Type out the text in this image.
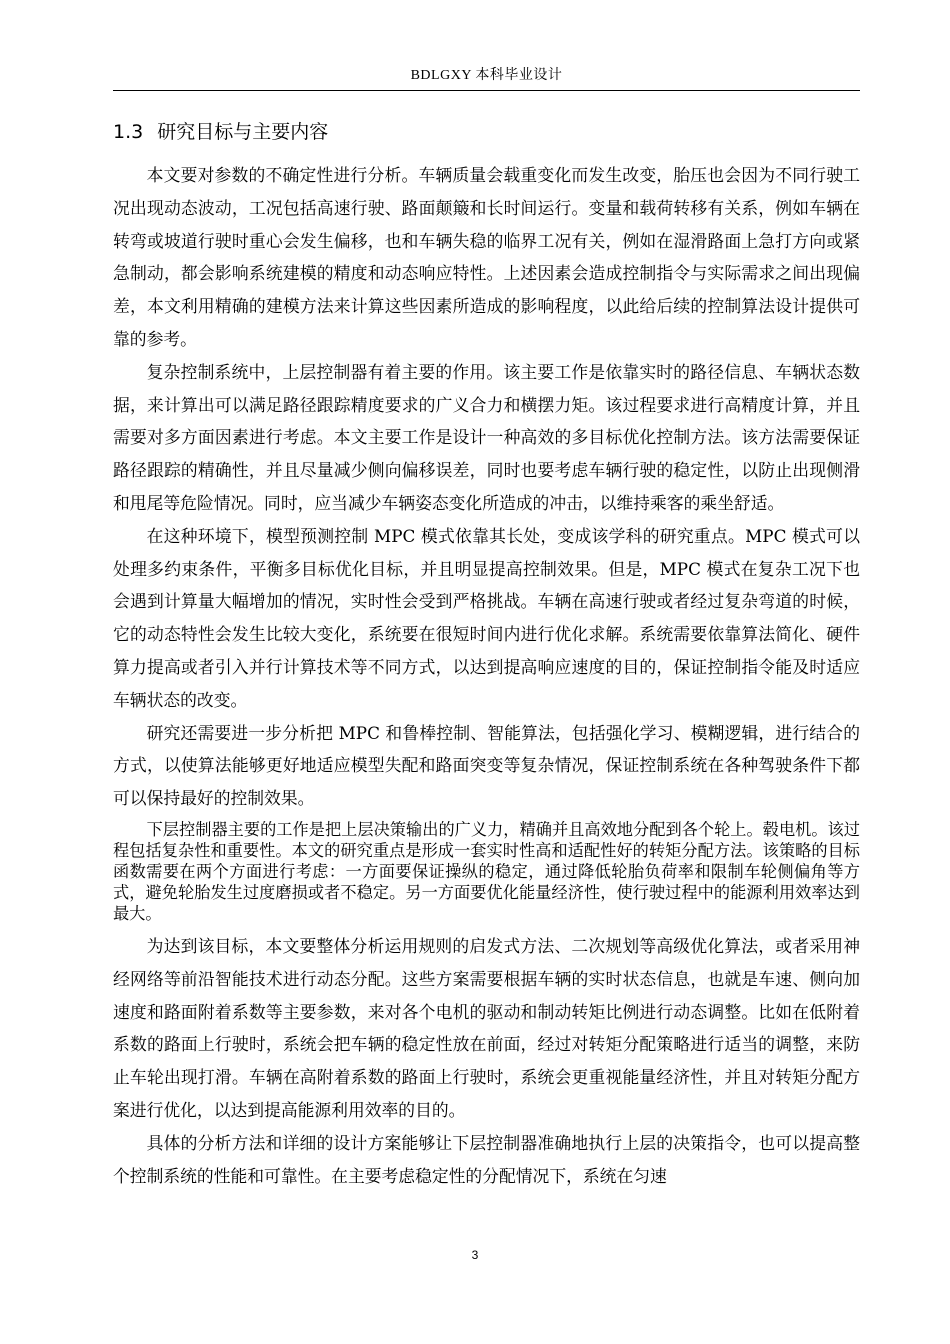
BDLGXY 本科毕业设计
1.3 研究目标与主要内容

本文要对参数的不确定性进行分析。车辆质量会载重变化而发生改变，胎压也会因为不同行驶工况出现动态波动，工况包括高速行驶、路面颠簸和长时间运行。变量和载荷转移有关系，例如车辆在转弯或坡道行驶时重心会发生偏移，也和车辆失稳的临界工况有关，例如在湿滑路面上急打方向或紧急制动，都会影响系统建模的精度和动态响应特性。上述因素会造成控制指令与实际需求之间出现偏差，本文利用精确的建模方法来计算这些因素所造成的影响程度，以此给后续的控制算法设计提供可靠的参考。

复杂控制系统中，上层控制器有着主要的作用。该主要工作是依靠实时的路径信息、车辆状态数据，来计算出可以满足路径跟踪精度要求的广义合力和横摆力矩。该过程要求进行高精度计算，并且需要对多方面因素进行考虑。本文主要工作是设计一种高效的多目标优化控制方法。该方法需要保证路径跟踪的精确性，并且尽量减少侧向偏移误差，同时也要考虑车辆行驶的稳定性，以防止出现侧滑和甩尾等危险情况。同时，应当减少车辆姿态变化所造成的冲击，以维持乘客的乘坐舒适。

在这种环境下，模型预测控制 MPC 模式依靠其长处，变成该学科的研究重点。MPC 模式可以处理多约束条件，平衡多目标优化目标，并且明显提高控制效果。但是，MPC 模式在复杂工况下也会遇到计算量大幅增加的情况，实时性会受到严格挑战。车辆在高速行驶或者经过复杂弯道的时候，它的动态特性会发生比较大变化，系统要在很短时间内进行优化求解。系统需要依靠算法简化、硬件算力提高或者引入并行计算技术等不同方式，以达到提高响应速度的目的，保证控制指令能及时适应车辆状态的改变。

研究还需要进一步分析把 MPC 和鲁棒控制、智能算法，包括强化学习、模糊逻辑，进行结合的方式，以使算法能够更好地适应模型失配和路面突变等复杂情况，保证控制系统在各种驾驶条件下都可以保持最好的控制效果。

下层控制器主要的工作是把上层决策输出的广义力，精确并且高效地分配到各个轮上。毂电机。该过程包括复杂性和重要性。本文的研究重点是形成一套实时性高和适配性好的转矩分配方法。该策略的目标函数需要在两个方面进行考虑：一方面要保证操纵的稳定，通过降低轮胎负荷率和限制车轮侧偏角等方式，避免轮胎发生过度磨损或者不稳定。另一方面要优化能量经济性，使行驶过程中的能源利用效率达到最大。

为达到该目标，本文要整体分析运用规则的启发式方法、二次规划等高级优化算法，或者采用神经网络等前沿智能技术进行动态分配。这些方案需要根据车辆的实时状态信息，也就是车速、侧向加速度和路面附着系数等主要参数，来对各个电机的驱动和制动转矩比例进行动态调整。比如在低附着系数的路面上行驶时，系统会把车辆的稳定性放在前面，经过对转矩分配策略进行适当的调整，来防止车轮出现打滑。车辆在高附着系数的路面上行驶时，系统会更重视能量经济性，并且对转矩分配方案进行优化，以达到提高能源利用效率的目的。

具体的分析方法和详细的设计方案能够让下层控制器准确地执行上层的决策指令，也可以提高整个控制系统的性能和可靠性。在主要考虑稳定性的分配情况下，系统在匀速

3
